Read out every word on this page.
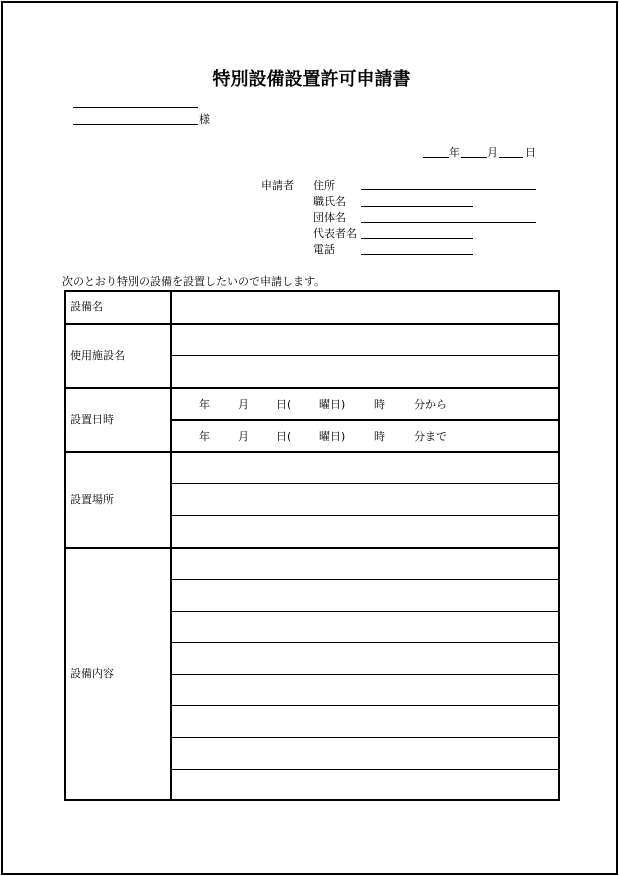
特別設備設置許可申請書
様
年 月 日
申請者 住所
職氏名
団体名
代表者名
電話
次のとおり特別の設備を設置したいので申請します。
設備名
使用施設名
設置日時
年	月 日(	曜日)	時	分から
年	月 日(	曜日)	時	分まで
設置場所
設備内容
